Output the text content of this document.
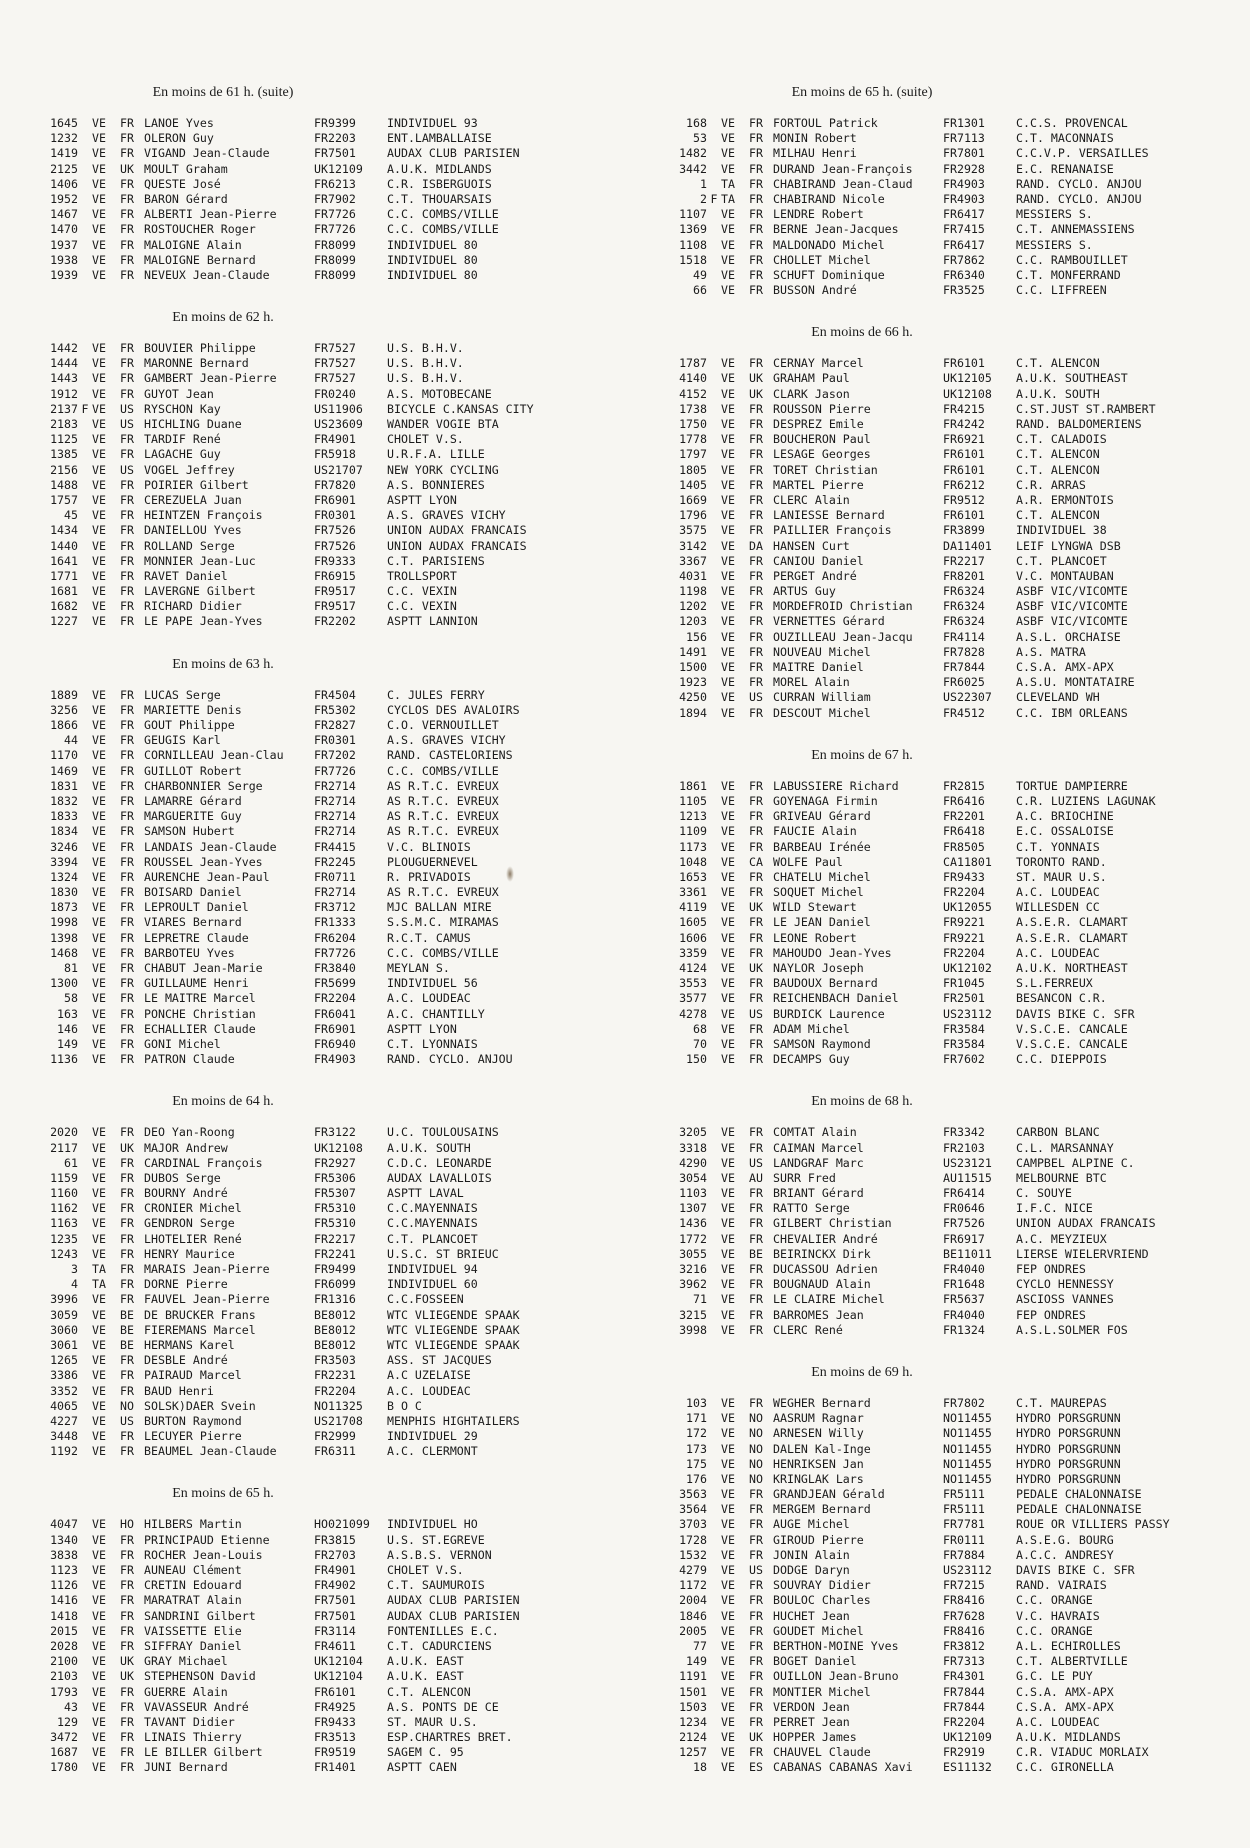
En moins de 61 h. (suite)
1645 VE	FR LANOE Yves	FR9399	INDIVIDUEL 93
1232 VE	FR OLERON Guy	FR2203	ENT.LAMBALLAISE
1419 VE	FR VIGAND Jean-Claude	FR7501	AUDAX CLUB PARISIEN
2125 VE	UK MOULT Graham	UK12109	A.U.K. MIDLANDS
1406 VE	FR QUESTE José	FR6213	C.R. ISBERGUOIS
1952 VE	FR BARON Gérard	FR7902	C.T. THOUARSAIS
1467 VE	FR ALBERTI Jean-Pierre	FR7726	C.C. COMBS/VILLE
1470 VE	FR ROSTOUCHER Roger	FR7726	C.C. COMBS/VILLE
1937 VE	FR MALOIGNE Alain	FR8099	INDIVIDUEL 80
1938 VE	FR MALOIGNE Bernard	FR8099	INDIVIDUEL 80
1939 VE	FR NEVEUX Jean-Claude	FR8099	INDIVIDUEL 80
En moins de 62 h.
1442 VE	FR BOUVIER Philippe	FR7527	U.S. B.H.V.
1444 VE	FR MARONNE Bernard	FR7527	U.S. B.H.V.
1443 VE	FR GAMBERT Jean-Pierre	FR7527	U.S. B.H.V.
1912 VE	FR GUYOT Jean	FR0240	A.S. MOTOBECANE
2137 F VE	US RYSCHON Kay	US11906	BICYCLE C.KANSAS CITY
2183 VE	US HICHLING Duane	US23609	WANDER VOGIE BTA
1125 VE	FR TARDIF René	FR4901	CHOLET V.S.
1385 VE	FR LAGACHE Guy	FR5918	U.R.F.A. LILLE
2156 VE	US VOGEL Jeffrey	US21707	NEW YORK CYCLING
1488 VE	FR POIRIER Gilbert	FR7820	A.S. BONNIERES
1757 VE	FR CEREZUELA Juan	FR6901	ASPTT LYON
45 VE	FR HEINTZEN François	FR0301	A.S. GRAVES VICHY
1434 VE	FR DANIELLOU Yves	FR7526	UNION AUDAX FRANCAIS
1440 VE	FR ROLLAND Serge	FR7526	UNION AUDAX FRANCAIS
1641 VE	FR MONNIER Jean-Luc	FR9333	C.T. PARISIENS
1771 VE	FR RAVET Daniel	FR6915	TROLLSPORT
1681 VE	FR LAVERGNE Gilbert	FR9517	C.C. VEXIN
1682 VE	FR RICHARD Didier	FR9517	C.C. VEXIN
1227 VE	FR LE PAPE Jean-Yves	FR2202	ASPTT LANNION
En moins de 63 h.
1889 VE	FR LUCAS Serge	FR4504	C. JULES FERRY
3256 VE	FR MARIETTE Denis	FR5302	CYCLOS DES AVALOIRS
1866 VE	FR GOUT Philippe	FR2827	C.O. VERNOUILLET
44 VE	FR GEUGIS Karl	FR0301	A.S. GRAVES VICHY
1170 VE	FR CORNILLEAU Jean-Clau	FR7202	RAND. CASTELORIENS
1469 VE	FR GUILLOT Robert	FR7726	C.C. COMBS/VILLE
1831 VE	FR CHARBONNIER Serge	FR2714	AS R.T.C. EVREUX
1832 VE	FR LAMARRE Gérard	FR2714	AS R.T.C. EVREUX
1833 VE	FR MARGUERITE Guy	FR2714	AS R.T.C. EVREUX
1834 VE	FR SAMSON Hubert	FR2714	AS R.T.C. EVREUX
3246 VE	FR LANDAIS Jean-Claude	FR4415	V.C. BLINOIS
3394 VE	FR ROUSSEL Jean-Yves	FR2245	PLOUGUERNEVEL
1324 VE	FR AURENCHE Jean-Paul	FR0711	R. PRIVADOIS
1830 VE	FR BOISARD Daniel	FR2714	AS R.T.C. EVREUX
1873 VE	FR LEPROULT Daniel	FR3712	MJC BALLAN MIRE
1998 VE	FR VIARES Bernard	FR1333	S.S.M.C. MIRAMAS
1398 VE	FR LEPRETRE Claude	FR6204	R.C.T. CAMUS
1468 VE	FR BARBOTEU Yves	FR7726	C.C. COMBS/VILLE
81 VE	FR CHABUT Jean-Marie	FR3840	MEYLAN S.
1300 VE	FR GUILLAUME Henri	FR5699	INDIVIDUEL 56
58 VE	FR LE MAITRE Marcel	FR2204	A.C. LOUDEAC
163 VE	FR PONCHE Christian	FR6041	A.C. CHANTILLY
146 VE	FR ECHALLIER Claude	FR6901	ASPTT LYON
149 VE	FR GONI Michel	FR6940	C.T. LYONNAIS
1136 VE	FR PATRON Claude	FR4903	RAND. CYCLO. ANJOU
En moins de 64 h.
2020 VE	FR DEO Yan-Roong	FR3122	U.C. TOULOUSAINS
2117 VE	UK MAJOR Andrew	UK12108	A.U.K. SOUTH
61 VE	FR CARDINAL François	FR2927	C.D.C. LEONARDE
1159 VE	FR DUBOS Serge	FR5306	AUDAX LAVALLOIS
1160 VE	FR BOURNY André	FR5307	ASPTT LAVAL
1162 VE	FR CRONIER Michel	FR5310	C.C.MAYENNAIS
1163 VE	FR GENDRON Serge	FR5310	C.C.MAYENNAIS
1235 VE	FR LHOTELIER René	FR2217	C.T. PLANCOET
1243 VE	FR HENRY Maurice	FR2241	U.S.C. ST BRIEUC
3 TA	FR MARAIS Jean-Pierre	FR9499	INDIVIDUEL 94
4 TA	FR DORNE Pierre	FR6099	INDIVIDUEL 60
3996 VE	FR FAUVEL Jean-Pierre	FR1316	C.C.FOSSEEN
3059 VE	BE DE BRUCKER Frans	BE8012	WTC VLIEGENDE SPAAK
3060 VE	BE FIEREMANS Marcel	BE8012	WTC VLIEGENDE SPAAK
3061 VE	BE HERMANS Karel	BE8012	WTC VLIEGENDE SPAAK
1265 VE	FR DESBLE André	FR3503	ASS. ST JACQUES
3386 VE	FR PAIRAUD Marcel	FR2231	A.C UZELAISE
3352 VE	FR BAUD Henri	FR2204	A.C. LOUDEAC
4065 VE	NO SOLSK)DAER Svein	NO11325	B O C
4227 VE	US BURTON Raymond	US21708	MENPHIS HIGHTAILERS
3448 VE	FR LECUYER Pierre	FR2999	INDIVIDUEL 29
1192 VE	FR BEAUMEL Jean-Claude	FR6311	A.C. CLERMONT
En moins de 65 h.
4047 VE	HO HILBERS Martin	HO021099	INDIVIDUEL HO
1340 VE	FR PRINCIPAUD Etienne	FR3815	U.S. ST.EGREVE
3838 VE	FR ROCHER Jean-Louis	FR2703	A.S.B.S. VERNON
1123 VE	FR AUNEAU Clément	FR4901	CHOLET V.S.
1126 VE	FR CRETIN Edouard	FR4902	C.T. SAUMUROIS
1416 VE	FR MARATRAT Alain	FR7501	AUDAX CLUB PARISIEN
1418 VE	FR SANDRINI Gilbert	FR7501	AUDAX CLUB PARISIEN
2015 VE	FR VAISSETTE Elie	FR3114	FONTENILLES E.C.
2028 VE	FR SIFFRAY Daniel	FR4611	C.T. CADURCIENS
2100 VE	UK GRAY Michael	UK12104	A.U.K. EAST
2103 VE	UK STEPHENSON David	UK12104	A.U.K. EAST
1793 VE	FR GUERRE Alain	FR6101	C.T. ALENCON
43 VE	FR VAVASSEUR André	FR4925	A.S. PONTS DE CE
129 VE	FR TAVANT Didier	FR9433	ST. MAUR U.S.
3472 VE	FR LINAIS Thierry	FR3513	ESP.CHARTRES BRET.
1687 VE	FR LE BILLER Gilbert	FR9519	SAGEM C. 95
1780 VE	FR JUNI Bernard	FR1401	ASPTT CAEN
En moins de 65 h. (suite)
168 VE	FR FORTOUL Patrick	FR1301	C.C.S. PROVENCAL
53 VE	FR MONIN Robert	FR7113	C.T. MACONNAIS
1482 VE	FR MILHAU Henri	FR7801	C.C.V.P. VERSAILLES
3442 VE	FR DURAND Jean-François	FR2928	E.C. RENANAISE
1 TA	FR CHABIRAND Jean-Claud	FR4903	RAND. CYCLO. ANJOU
2 F TA	FR CHABIRAND Nicole	FR4903	RAND. CYCLO. ANJOU
1107 VE	FR LENDRE Robert	FR6417	MESSIERS S.
1369 VE	FR BERNE Jean-Jacques	FR7415	C.T. ANNEMASSIENS
1108 VE	FR MALDONADO Michel	FR6417	MESSIERS S.
1518 VE	FR CHOLLET Michel	FR7862	C.C. RAMBOUILLET
49 VE	FR SCHUFT Dominique	FR6340	C.T. MONFERRAND
66 VE	FR BUSSON André	FR3525	C.C. LIFFREEN
En moins de 66 h.
1787 VE	FR CERNAY Marcel	FR6101	C.T. ALENCON
4140 VE	UK GRAHAM Paul	UK12105	A.U.K. SOUTHEAST
4152 VE	UK CLARK Jason	UK12108	A.U.K. SOUTH
1738 VE	FR ROUSSON Pierre	FR4215	C.ST.JUST ST.RAMBERT
1750 VE	FR DESPREZ Emile	FR4242	RAND. BALDOMERIENS
1778 VE	FR BOUCHERON Paul	FR6921	C.T. CALADOIS
1797 VE	FR LESAGE Georges	FR6101	C.T. ALENCON
1805 VE	FR TORET Christian	FR6101	C.T. ALENCON
1405 VE	FR MARTEL Pierre	FR6212	C.R. ARRAS
1669 VE	FR CLERC Alain	FR9512	A.R. ERMONTOIS
1796 VE	FR LANIESSE Bernard	FR6101	C.T. ALENCON
3575 VE	FR PAILLIER François	FR3899	INDIVIDUEL 38
3142 VE	DA HANSEN Curt	DA11401	LEIF LYNGWA DSB
3367 VE	FR CANIOU Daniel	FR2217	C.T. PLANCOET
4031 VE	FR PERGET André	FR8201	V.C. MONTAUBAN
1198 VE	FR ARTUS Guy	FR6324	ASBF VIC/VICOMTE
1202 VE	FR MORDEFROID Christian	FR6324	ASBF VIC/VICOMTE
1203 VE	FR VERNETTES Gérard	FR6324	ASBF VIC/VICOMTE
156 VE	FR OUZILLEAU Jean-Jacqu	FR4114	A.S.L. ORCHAISE
1491 VE	FR NOUVEAU Michel	FR7828	A.S. MATRA
1500 VE	FR MAITRE Daniel	FR7844	C.S.A. AMX-APX
1923 VE	FR MOREL Alain	FR6025	A.S.U. MONTATAIRE
4250 VE	US CURRAN William	US22307	CLEVELAND WH
1894 VE	FR DESCOUT Michel	FR4512	C.C. IBM ORLEANS
En moins de 67 h.
1861 VE	FR LABUSSIERE Richard	FR2815	TORTUE DAMPIERRE
1105 VE	FR GOYENAGA Firmin	FR6416	C.R. LUZIENS LAGUNAK
1213 VE	FR GRIVEAU Gérard	FR2201	A.C. BRIOCHINE
1109 VE	FR FAUCIE Alain	FR6418	E.C. OSSALOISE
1173 VE	FR BARBEAU Irénée	FR8505	C.T. YONNAIS
1048 VE	CA WOLFE Paul	CA11801	TORONTO RAND.
1653 VE	FR CHATELU Michel	FR9433	ST. MAUR U.S.
3361 VE	FR SOQUET Michel	FR2204	A.C. LOUDEAC
4119 VE	UK WILD Stewart	UK12055	WILLESDEN CC
1605 VE	FR LE JEAN Daniel	FR9221	A.S.E.R. CLAMART
1606 VE	FR LEONE Robert	FR9221	A.S.E.R. CLAMART
3359 VE	FR MAHOUDO Jean-Yves	FR2204	A.C. LOUDEAC
4124 VE	UK NAYLOR Joseph	UK12102	A.U.K. NORTHEAST
3553 VE	FR BAUDOUX Bernard	FR1045	S.L.FERREUX
3577 VE	FR REICHENBACH Daniel	FR2501	BESANCON C.R.
4278 VE	US BURDICK Laurence	US23112	DAVIS BIKE C. SFR
68 VE	FR ADAM Michel	FR3584	V.S.C.E. CANCALE
70 VE	FR SAMSON Raymond	FR3584	V.S.C.E. CANCALE
150 VE	FR DECAMPS Guy	FR7602	C.C. DIEPPOIS
En moins de 68 h.
3205 VE	FR COMTAT Alain	FR3342	CARBON BLANC
3318 VE	FR CAIMAN Marcel	FR2103	C.L. MARSANNAY
4290 VE	US LANDGRAF Marc	US23121	CAMPBEL ALPINE C.
3054 VE	AU SURR Fred	AU11515	MELBOURNE BTC
1103 VE	FR BRIANT Gérard	FR6414	C. SOUYE
1307 VE	FR RATTO Serge	FR0646	I.F.C. NICE
1436 VE	FR GILBERT Christian	FR7526	UNION AUDAX FRANCAIS
1772 VE	FR CHEVALIER André	FR6917	A.C. MEYZIEUX
3055 VE	BE BEIRINCKX Dirk	BE11011	LIERSE WIELERVRIEND
3216 VE	FR DUCASSOU Adrien	FR4040	FEP ONDRES
3962 VE	FR BOUGNAUD Alain	FR1648	CYCLO HENNESSY
71 VE	FR LE CLAIRE Michel	FR5637	ASCIOSS VANNES
3215 VE	FR BARROMES Jean	FR4040	FEP ONDRES
3998 VE	FR CLERC René	FR1324	A.S.L.SOLMER FOS
En moins de 69 h.
103 VE	FR WEGHER Bernard	FR7802	C.T. MAUREPAS
171 VE	NO AASRUM Ragnar	NO11455	HYDRO PORSGRUNN
172 VE	NO ARNESEN Willy	NO11455	HYDRO PORSGRUNN
173 VE	NO DALEN Kal-Inge	NO11455	HYDRO PORSGRUNN
175 VE	NO HENRIKSEN Jan	NO11455	HYDRO PORSGRUNN
176 VE	NO KRINGLAK Lars	NO11455	HYDRO PORSGRUNN
3563 VE	FR GRANDJEAN Gérald	FR5111	PEDALE CHALONNAISE
3564 VE	FR MERGEM Bernard	FR5111	PEDALE CHALONNAISE
3703 VE	FR AUGE Michel	FR7781	ROUE OR VILLIERS PASSY
1728 VE	FR GIROUD Pierre	FR0111	A.S.E.G. BOURG
1532 VE	FR JONIN Alain	FR7884	A.C.C. ANDRESY
4279 VE	US DODGE Daryn	US23112	DAVIS BIKE C. SFR
1172 VE	FR SOUVRAY Didier	FR7215	RAND. VAIRAIS
2004 VE	FR BOULOC Charles	FR8416	C.C. ORANGE
1846 VE	FR HUCHET Jean	FR7628	V.C. HAVRAIS
2005 VE	FR GOUDET Michel	FR8416	C.C. ORANGE
77 VE	FR BERTHON-MOINE Yves	FR3812	A.L. ECHIROLLES
149 VE	FR BOGET Daniel	FR7313	C.T. ALBERTVILLE
1191 VE	FR OUILLON Jean-Bruno	FR4301	G.C. LE PUY
1501 VE	FR MONTIER Michel	FR7844	C.S.A. AMX-APX
1503 VE	FR VERDON Jean	FR7844	C.S.A. AMX-APX
1234 VE	FR PERRET Jean	FR2204	A.C. LOUDEAC
2124 VE	UK HOPPER James	UK12109	A.U.K. MIDLANDS
1257 VE	FR CHAUVEL Claude	FR2919	C.R. VIADUC MORLAIX
18 VE	ES CABANAS CABANAS Xavi	ES11132	C.C. GIRONELLA
